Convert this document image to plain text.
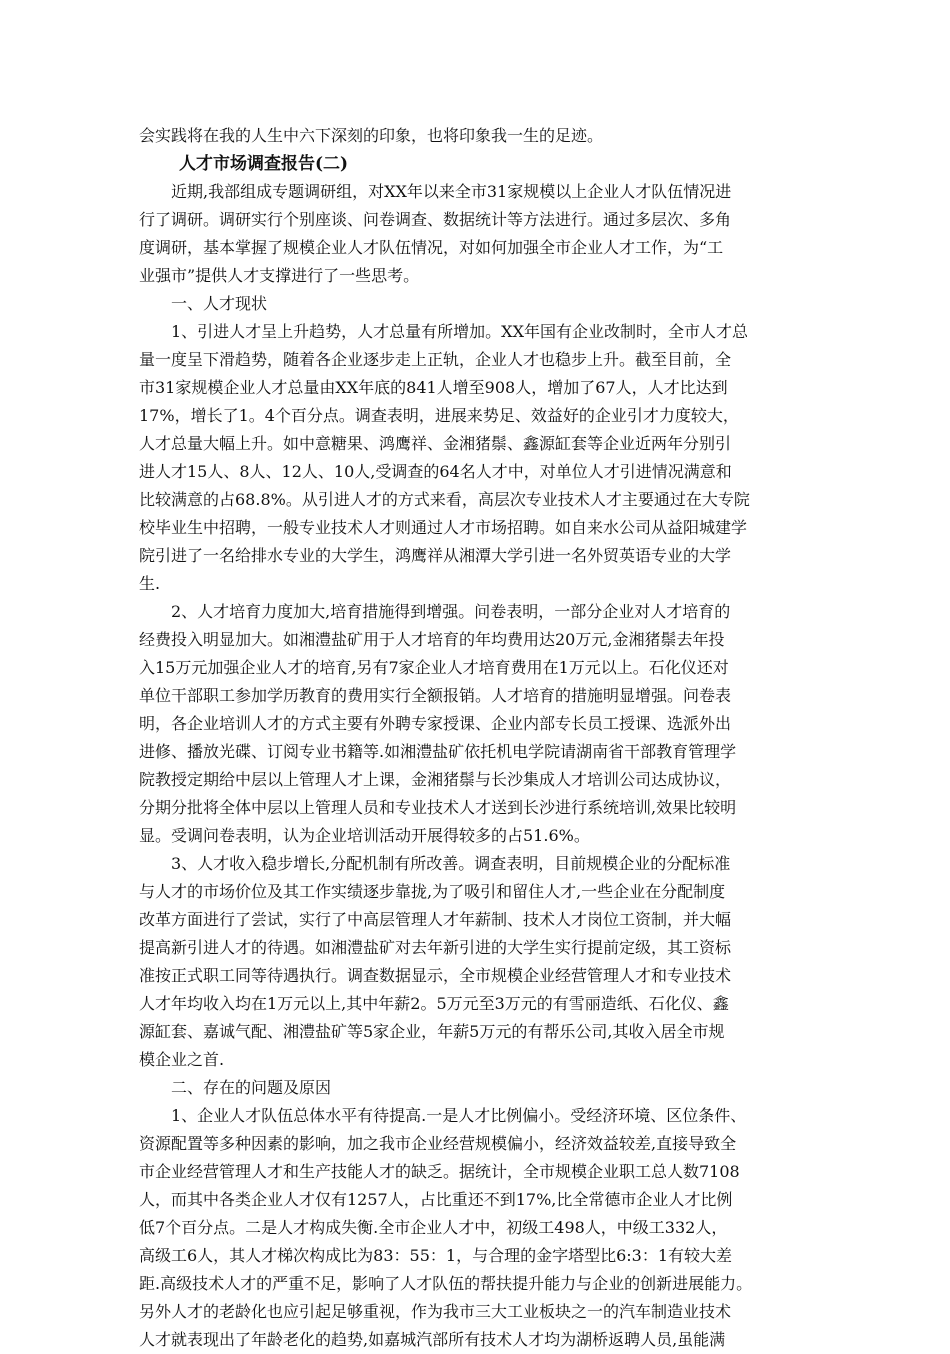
会实践将在我的人生中六下深刻的印象，也将印象我一生的足迹。
人才市场调查报告(二)
近期,我部组成专题调研组，对XX年以来全市31家规模以上企业人才队伍情况进
行了调研。调研实行个别座谈、问卷调查、数据统计等方法进行。通过多层次、多角
度调研，基本掌握了规模企业人才队伍情况，对如何加强全市企业人才工作，为“工
业强市”提供人才支撑进行了一些思考。
一、人才现状
1、引进人才呈上升趋势，人才总量有所增加。XX年国有企业改制时，全市人才总
量一度呈下滑趋势，随着各企业逐步走上正轨，企业人才也稳步上升。截至目前，全
市31家规模企业人才总量由XX年底的841人增至908人，增加了67人，人才比达到
17%，增长了1。4个百分点。调查表明，进展来势足、效益好的企业引才力度较大，
人才总量大幅上升。如中意糖果、鸿鹰祥、金湘猪鬃、鑫源缸套等企业近两年分别引
进人才15人、8人、12人、10人,受调查的64名人才中，对单位人才引进情况满意和
比较满意的占68.8%。从引进人才的方式来看，高层次专业技术人才主要通过在大专院
校毕业生中招聘，一般专业技术人才则通过人才市场招聘。如自来水公司从益阳城建学
院引进了一名给排水专业的大学生，鸿鹰祥从湘潭大学引进一名外贸英语专业的大学
生.
2、人才培育力度加大,培育措施得到增强。问卷表明，一部分企业对人才培育的
经费投入明显加大。如湘澧盐矿用于人才培育的年均费用达20万元,金湘猪鬃去年投
入15万元加强企业人才的培育,另有7家企业人才培育费用在1万元以上。石化仪还对
单位干部职工参加学历教育的费用实行全额报销。人才培育的措施明显增强。问卷表
明，各企业培训人才的方式主要有外聘专家授课、企业内部专长员工授课、选派外出
进修、播放光碟、订阅专业书籍等.如湘澧盐矿依托机电学院请湖南省干部教育管理学
院教授定期给中层以上管理人才上课，金湘猪鬃与长沙集成人才培训公司达成协议，
分期分批将全体中层以上管理人员和专业技术人才送到长沙进行系统培训,效果比较明
显。受调问卷表明，认为企业培训活动开展得较多的占51.6%。
3、人才收入稳步增长,分配机制有所改善。调查表明，目前规模企业的分配标准
与人才的市场价位及其工作实绩逐步靠拢,为了吸引和留住人才,一些企业在分配制度
改革方面进行了尝试，实行了中高层管理人才年薪制、技术人才岗位工资制，并大幅
提高新引进人才的待遇。如湘澧盐矿对去年新引进的大学生实行提前定级，其工资标
准按正式职工同等待遇执行。调查数据显示，全市规模企业经营管理人才和专业技术
人才年均收入均在1万元以上,其中年薪2。5万元至3万元的有雪丽造纸、石化仪、鑫
源缸套、嘉诚气配、湘澧盐矿等5家企业，年薪5万元的有帮乐公司,其收入居全市规
模企业之首.
二、存在的问题及原因
1、企业人才队伍总体水平有待提高.一是人才比例偏小。受经济环境、区位条件、
资源配置等多种因素的影响，加之我市企业经营规模偏小，经济效益较差,直接导致全
市企业经营管理人才和生产技能人才的缺乏。据统计，全市规模企业职工总人数7108
人，而其中各类企业人才仅有1257人，占比重还不到17%,比全常德市企业人才比例
低7个百分点。二是人才构成失衡.全市企业人才中，初级工498人，中级工332人，
高级工6人，其人才梯次构成比为83：55：1，与合理的金字塔型比6:3：1有较大差
距.高级技术人才的严重不足，影响了人才队伍的帮扶提升能力与企业的创新进展能力。
另外人才的老龄化也应引起足够重视，作为我市三大工业板块之一的汽车制造业技术
人才就表现出了年龄老化的趋势,如嘉城汽部所有技术人才均为湖桥返聘人员,虽能满
